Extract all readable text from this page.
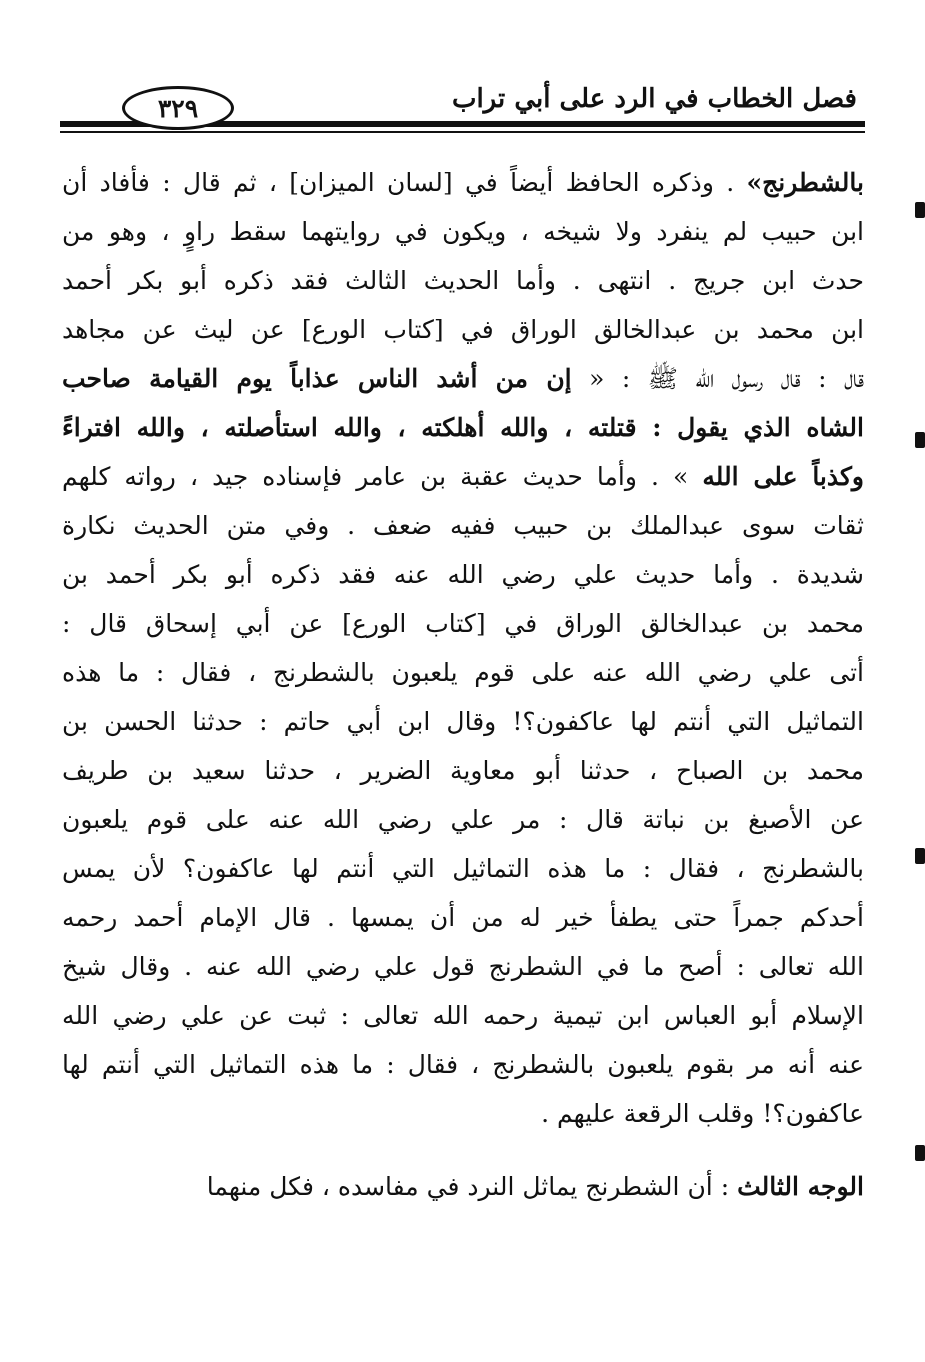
فصل الخطاب في الرد على أبي تراب
٣٢٩
بالشطرنج» . وذكره الحافظ أيضاً في [لسان الميزان] ، ثم قال : فأفاد أن
ابن حبيب لم ينفرد ولا شيخه ، ويكون في روايتهما سقط راوٍ ، وهو من
حدث ابن جريج . انتهى . وأما الحديث الثالث فقد ذكره أبو بكر أحمد
ابن محمد بن عبدالخالق الوراق في [كتاب الورع] عن ليث عن مجاهد
قال : قال رسول الله ﷺ : « إن من أشد الناس عذاباً يوم القيامة صاحب
الشاه الذي يقول : قتلته ، والله أهلكته ، والله استأصلته ، والله افتراءً
وكذباً على الله » . وأما حديث عقبة بن عامر فإسناده جيد ، رواته كلهم
ثقات سوى عبدالملك بن حبيب ففيه ضعف . وفي متن الحديث نكارة
شديدة . وأما حديث علي رضي الله عنه فقد ذكره أبو بكر أحمد بن
محمد بن عبدالخالق الوراق في [كتاب الورع] عن أبي إسحاق قال :
أتى علي رضي الله عنه على قوم يلعبون بالشطرنج ، فقال : ما هذه
التماثيل التي أنتم لها عاكفون؟! وقال ابن أبي حاتم : حدثنا الحسن بن
محمد بن الصباح ، حدثنا أبو معاوية الضرير ، حدثنا سعيد بن طريف
عن الأصبغ بن نباتة قال : مر علي رضي الله عنه على قوم يلعبون
بالشطرنج ، فقال : ما هذه التماثيل التي أنتم لها عاكفون؟ لأن يمس
أحدكم جمراً حتى يطفأ خير له من أن يمسها . قال الإمام أحمد رحمه
الله تعالى : أصح ما في الشطرنج قول علي رضي الله عنه . وقال شيخ
الإسلام أبو العباس ابن تيمية رحمه الله تعالى : ثبت عن علي رضي الله
عنه أنه مر بقوم يلعبون بالشطرنج ، فقال : ما هذه التماثيل التي أنتم لها
عاكفون؟! وقلب الرقعة عليهم .
الوجه الثالث : أن الشطرنج يماثل النرد في مفاسده ، فكل منهما
